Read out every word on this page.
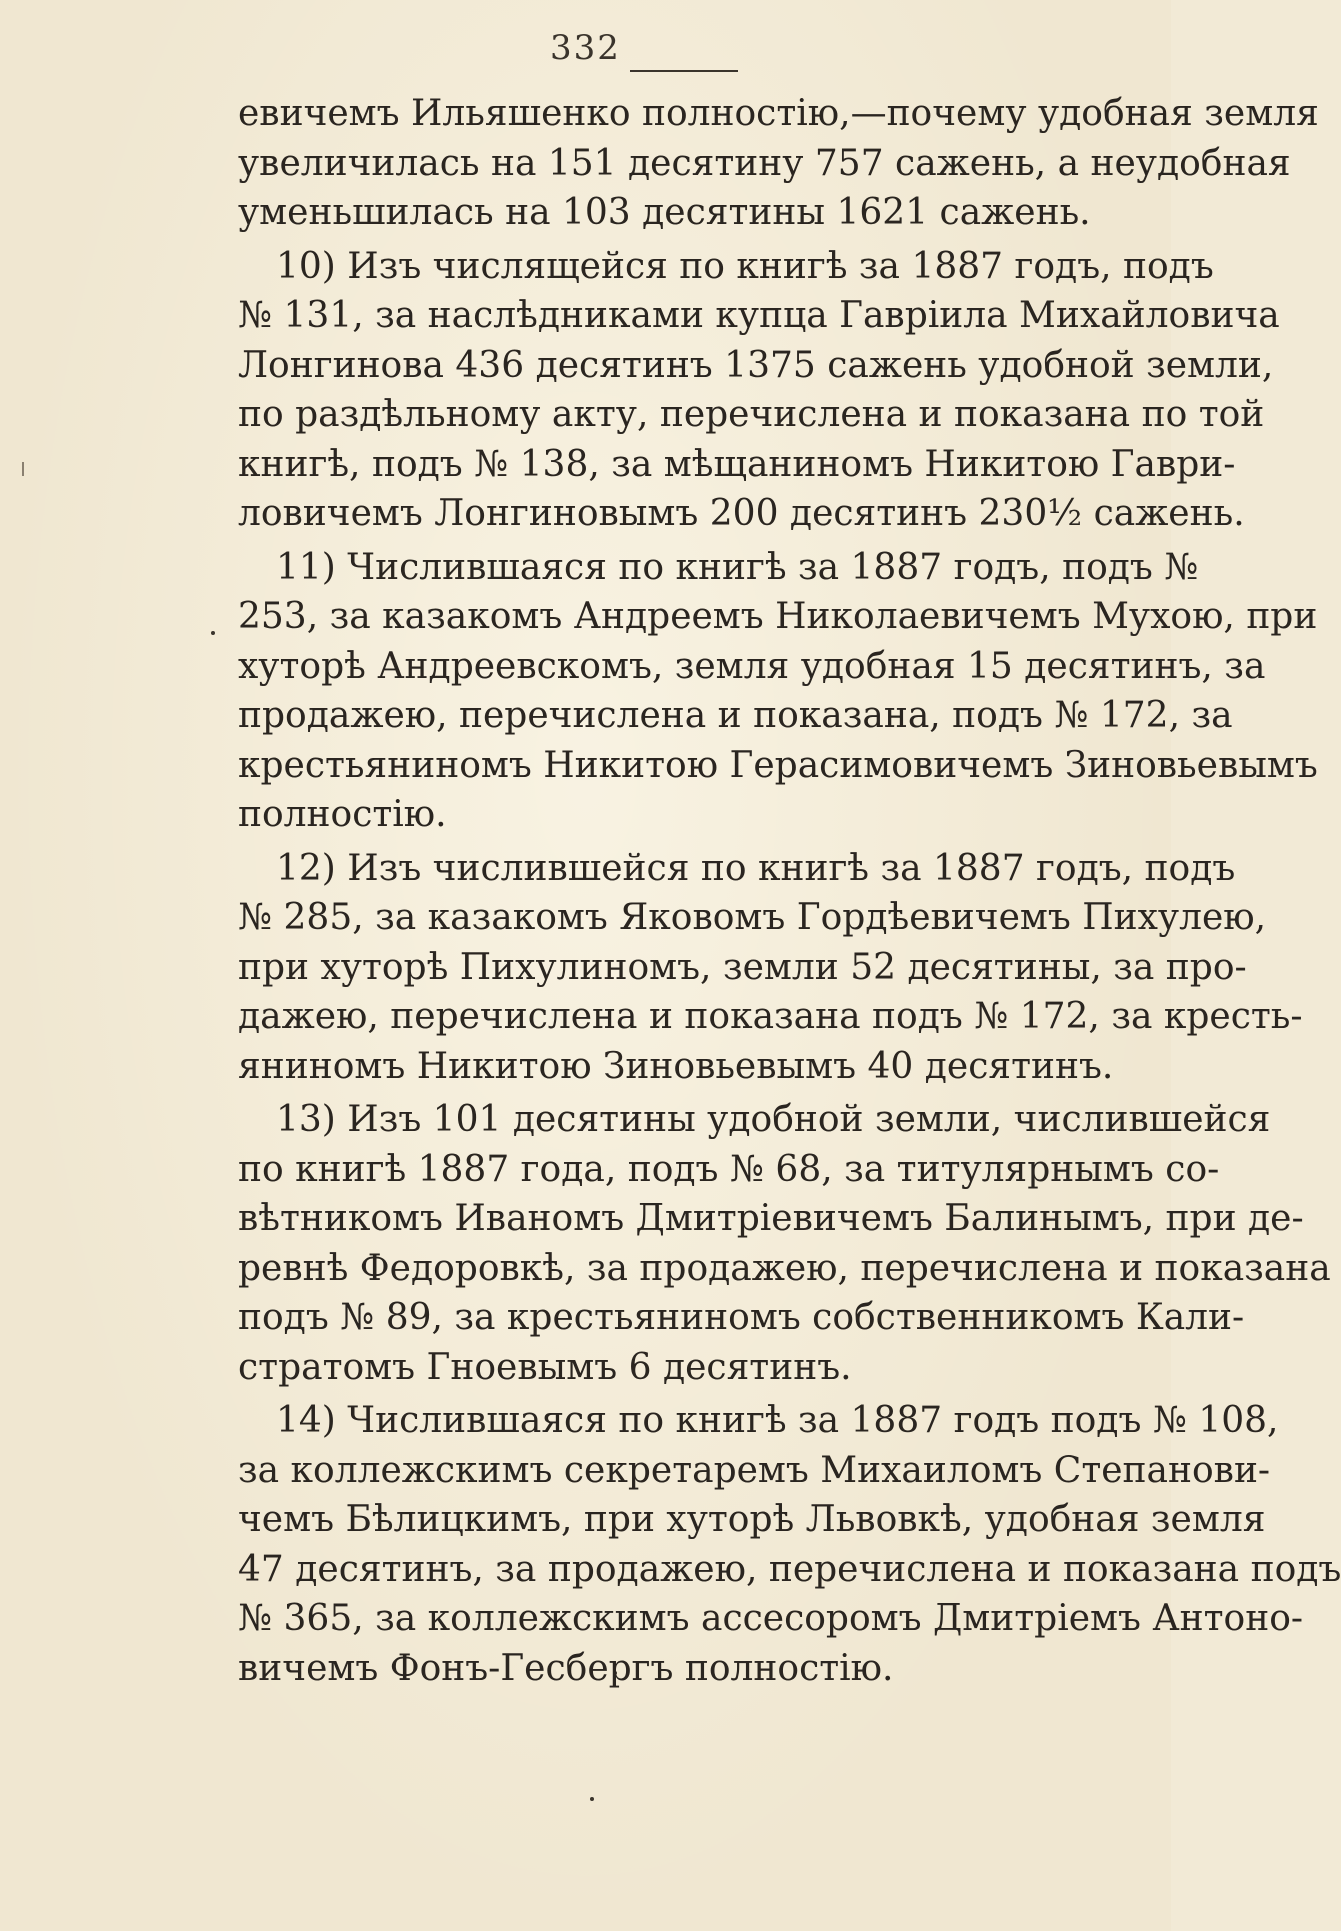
332
евичемъ Ильяшенко полностію,—почему удобная земля
увеличилась на 151 десятину 757 сажень, а неудобная
уменьшилась на 103 десятины 1621 сажень.
10) Изъ числящейся по книгѣ за 1887 годъ, подъ
№ 131, за наслѣдниками купца Гавріила Михайловича
Лонгинова 436 десятинъ 1375 сажень удобной земли,
по раздѣльному акту, перечислена и показана по той
книгѣ, подъ № 138, за мѣщаниномъ Никитою Гаври-
ловичемъ Лонгиновымъ 200 десятинъ 230½ сажень.
11) Числившаяся по книгѣ за 1887 годъ, подъ №
253, за казакомъ Андреемъ Николаевичемъ Мухою, при
хуторѣ Андреевскомъ, земля удобная 15 десятинъ, за
продажею, перечислена и показана, подъ № 172, за
крестьяниномъ Никитою Герасимовичемъ Зиновьевымъ
полностію.
12) Изъ числившейся по книгѣ за 1887 годъ, подъ
№ 285, за казакомъ Яковомъ Гордѣевичемъ Пихулею,
при хуторѣ Пихулиномъ, земли 52 десятины, за про-
дажею, перечислена и показана подъ № 172, за кресть-
яниномъ Никитою Зиновьевымъ 40 десятинъ.
13) Изъ 101 десятины удобной земли, числившейся
по книгѣ 1887 года, подъ № 68, за титулярнымъ со-
вѣтникомъ Иваномъ Дмитріевичемъ Балинымъ, при де-
ревнѣ Федоровкѣ, за продажею, перечислена и показана
подъ № 89, за крестьяниномъ собственникомъ Кали-
стратомъ Гноевымъ 6 десятинъ.
14) Числившаяся по книгѣ за 1887 годъ подъ № 108,
за коллежскимъ секретаремъ Михаиломъ Степанови-
чемъ Бѣлицкимъ, при хуторѣ Львовкѣ, удобная земля
47 десятинъ, за продажею, перечислена и показана подъ
№ 365, за коллежскимъ ассесоромъ Дмитріемъ Антоно-
вичемъ Фонъ-Гесбергъ полностію.
